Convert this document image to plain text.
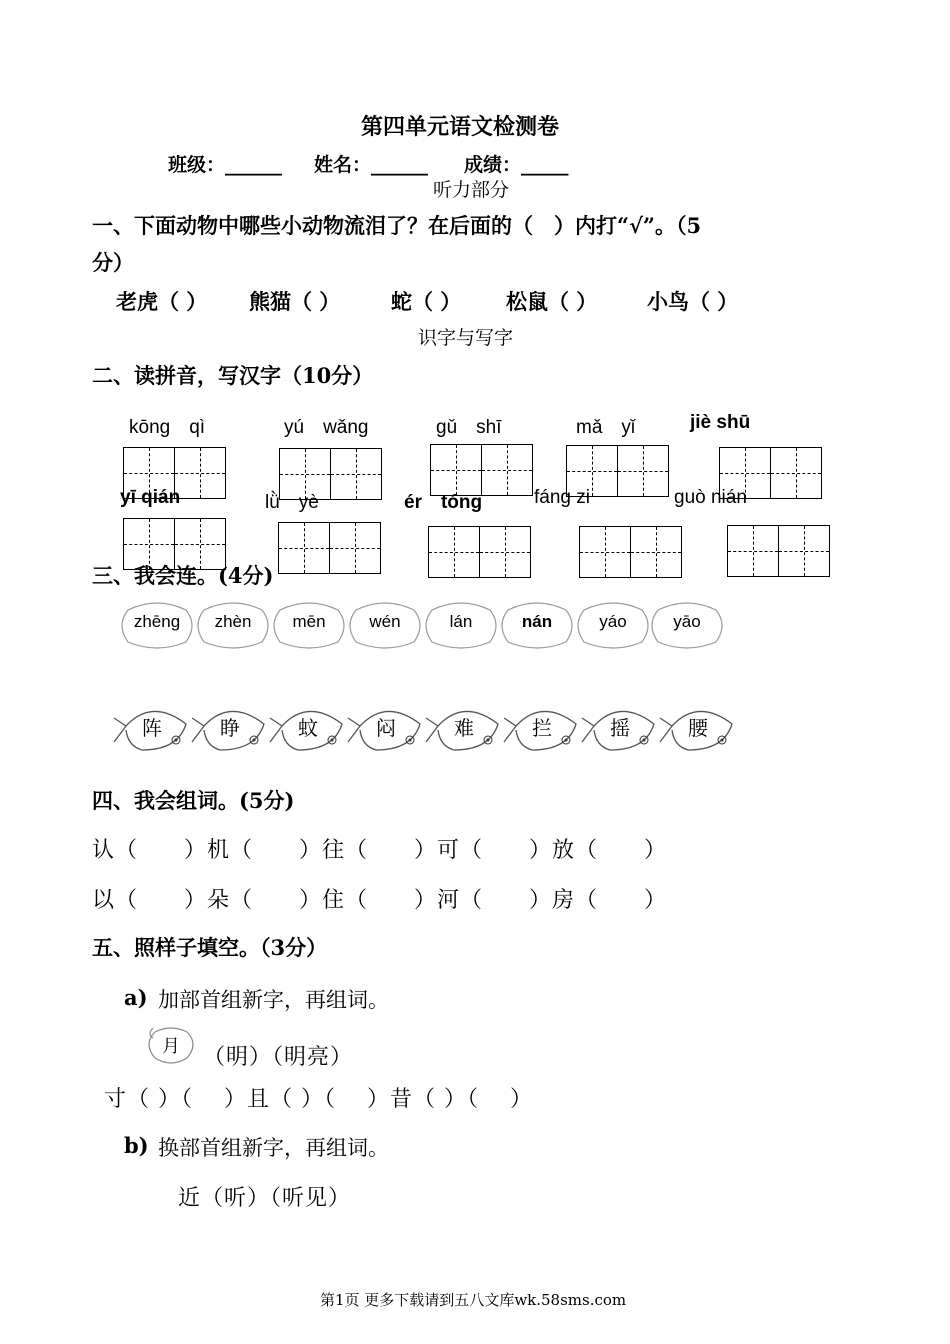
第四单元语文检测卷
班级：______ 姓名：______ 成绩：_____
听力部分
一、下面动物中哪些小动物流泪了？在后面的（　）内打“√”。（5
分）
老虎（ ） 熊猫（ ） 蛇（ ） 松鼠（ ） 小鸟（ ）
识字与写字
二、读拼音，写汉字（10分）
kōng　qì	yú　wǎng	gǔ　shī	mǎ　yǐ	jiè shū
yī qián	lǜ　yè	ér　tóng	fáng zi	ɡuò nián
三、我会连。(4分)
zhēng	zhèn	mēn	wén	lán	nán	yáo	yāo
阵	睁	蚊	闷	难	拦	摇	腰
四、我会组词。(5分)
认（　　）机（　　）往（　　）可（　　）放（　　）
以（　　）朵（　　）住（　　）河（　　）房（　　）
五、照样子填空。（3分）
a) 加部首组新字，再组词。
月	（明）（明亮）
寸（ ）（　 ）且（ ）（　 ）昔（ ）（　 ）
b) 换部首组新字，再组词。
近（听）（听见）
第1页 更多下载请到五八文库wk.58sms.com
